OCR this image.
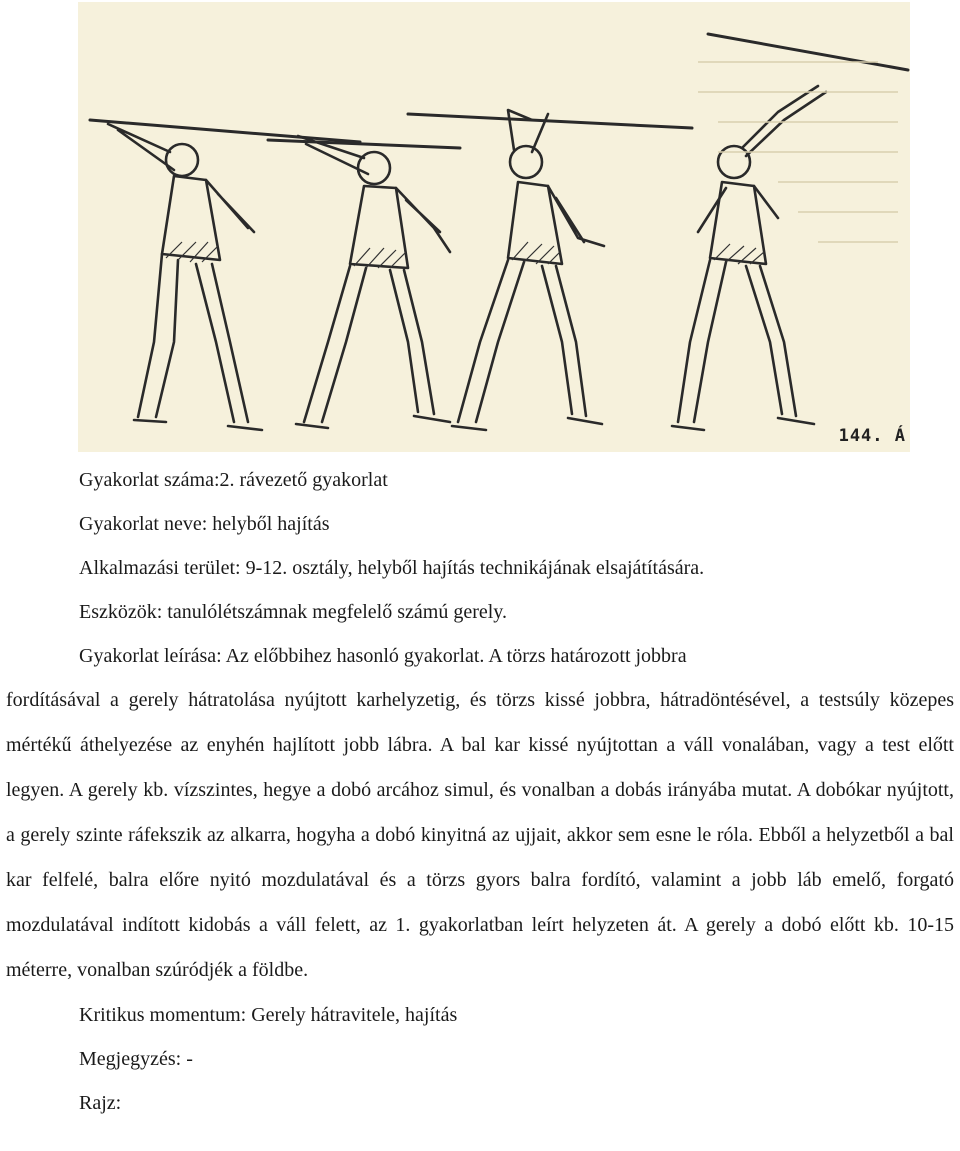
144. Á
Gyakorlat száma:2. rávezető gyakorlat
Gyakorlat neve: helyből hajítás
Alkalmazási terület: 9-12. osztály, helyből hajítás technikájának elsajátítására.
Eszközök: tanulólétszámnak megfelelő számú gerely.
Gyakorlat leírása: Az előbbihez hasonló gyakorlat. A törzs határozott jobbra
fordításával a gerely hátratolása nyújtott karhelyzetig, és törzs kissé jobbra, hátradöntésével, a testsúly közepes mértékű áthelyezése az enyhén hajlított jobb lábra. A bal kar kissé nyújtottan a váll vonalában, vagy a test előtt legyen. A gerely kb. vízszintes, hegye a dobó arcához simul, és vonalban a dobás irányába mutat. A dobókar nyújtott, a gerely szinte ráfekszik az alkarra, hogyha a dobó kinyitná az ujjait, akkor sem esne le róla. Ebből a helyzetből a bal kar felfelé, balra előre nyitó mozdulatával és a törzs gyors balra fordító, valamint a jobb láb emelő, forgató mozdulatával indított kidobás a váll felett, az 1. gyakorlatban leírt helyzeten át. A gerely a dobó előtt kb. 10-15 méterre, vonalban szúródjék a földbe.
Kritikus momentum: Gerely hátravitele, hajítás
Megjegyzés: -
Rajz:
